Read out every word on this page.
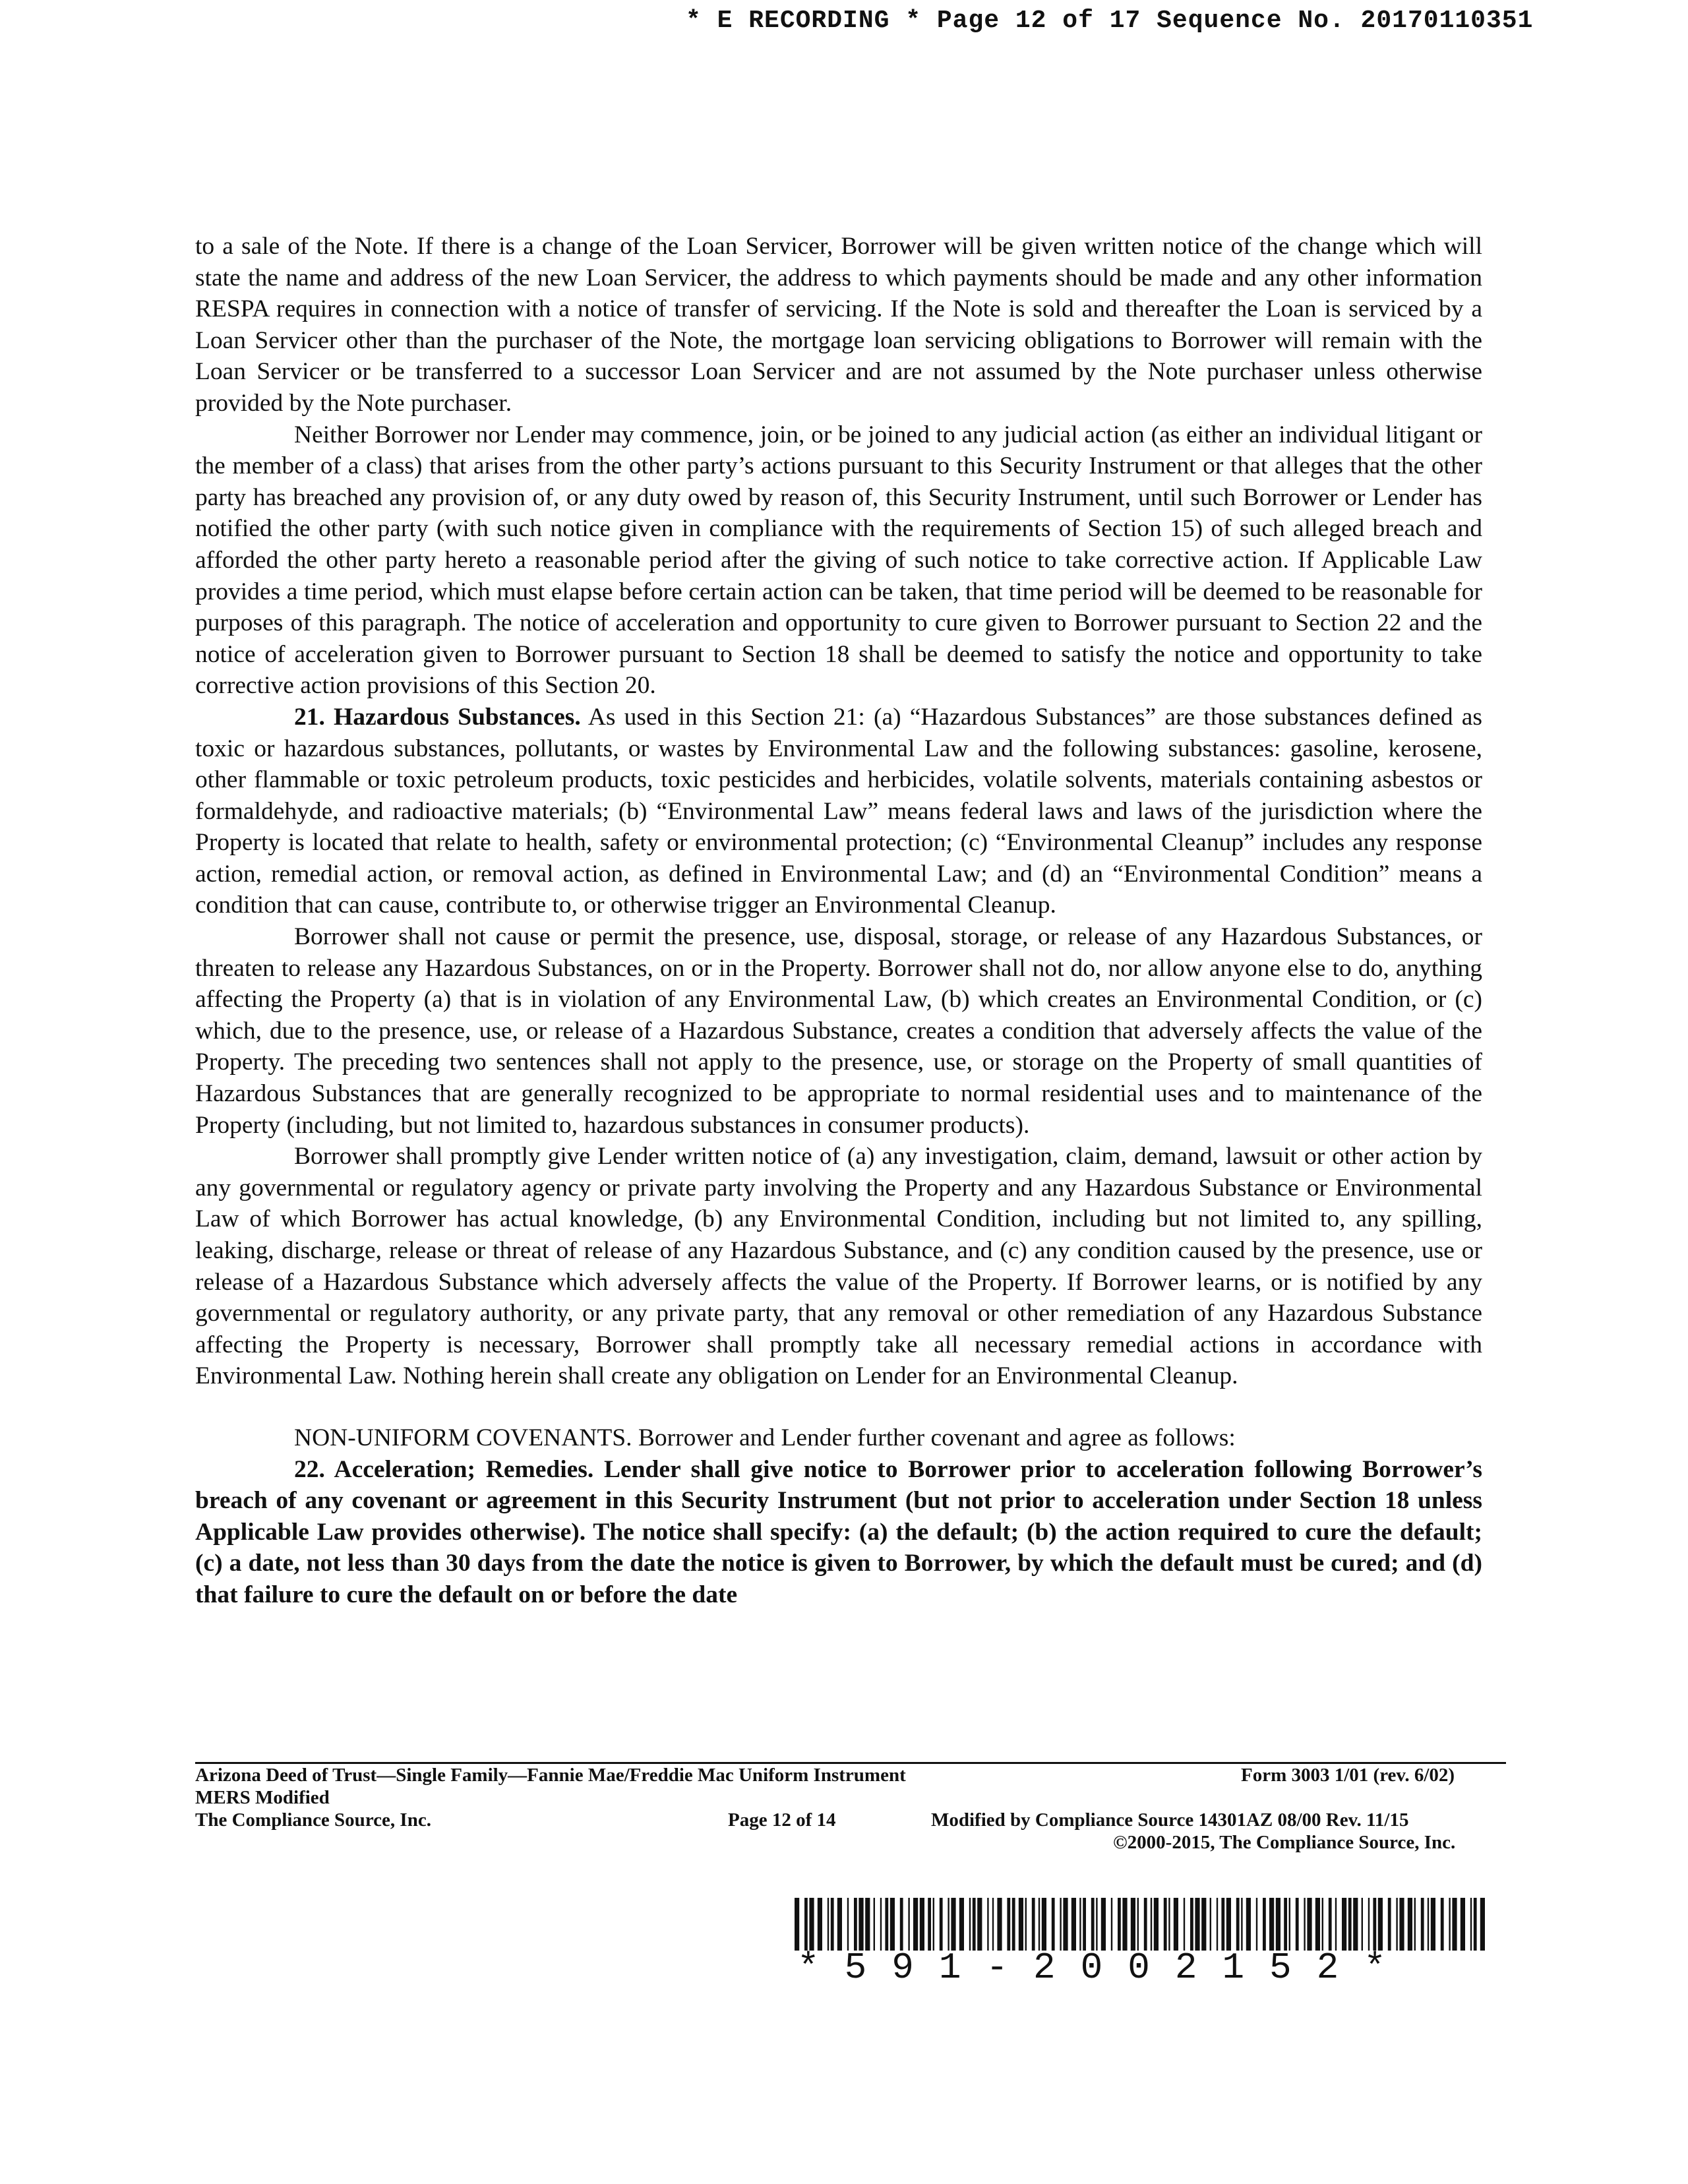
* E RECORDING * Page 12 of 17 Sequence No. 20170110351

to a sale of the Note. If there is a change of the Loan Servicer, Borrower will be given written notice of the change which will state the name and address of the new Loan Servicer, the address to which payments should be made and any other information RESPA requires in connection with a notice of transfer of servicing. If the Note is sold and thereafter the Loan is serviced by a Loan Servicer other than the purchaser of the Note, the mortgage loan servicing obligations to Borrower will remain with the Loan Servicer or be transferred to a successor Loan Servicer and are not assumed by the Note purchaser unless otherwise provided by the Note purchaser.

Neither Borrower nor Lender may commence, join, or be joined to any judicial action (as either an individual litigant or the member of a class) that arises from the other party’s actions pursuant to this Security Instrument or that alleges that the other party has breached any provision of, or any duty owed by reason of, this Security Instrument, until such Borrower or Lender has notified the other party (with such notice given in compliance with the requirements of Section 15) of such alleged breach and afforded the other party hereto a reasonable period after the giving of such notice to take corrective action. If Applicable Law provides a time period, which must elapse before certain action can be taken, that time period will be deemed to be reasonable for purposes of this paragraph. The notice of acceleration and opportunity to cure given to Borrower pursuant to Section 22 and the notice of acceleration given to Borrower pursuant to Section 18 shall be deemed to satisfy the notice and opportunity to take corrective action provisions of this Section 20.

21. Hazardous Substances. As used in this Section 21: (a) “Hazardous Substances” are those substances defined as toxic or hazardous substances, pollutants, or wastes by Environmental Law and the following substances: gasoline, kerosene, other flammable or toxic petroleum products, toxic pesticides and herbicides, volatile solvents, materials containing asbestos or formaldehyde, and radioactive materials; (b) “Environmental Law” means federal laws and laws of the jurisdiction where the Property is located that relate to health, safety or environmental protection; (c) “Environmental Cleanup” includes any response action, remedial action, or removal action, as defined in Environmental Law; and (d) an “Environmental Condition” means a condition that can cause, contribute to, or otherwise trigger an Environmental Cleanup.

Borrower shall not cause or permit the presence, use, disposal, storage, or release of any Hazardous Substances, or threaten to release any Hazardous Substances, on or in the Property. Borrower shall not do, nor allow anyone else to do, anything affecting the Property (a) that is in violation of any Environmental Law, (b) which creates an Environmental Condition, or (c) which, due to the presence, use, or release of a Hazardous Substance, creates a condition that adversely affects the value of the Property. The preceding two sentences shall not apply to the presence, use, or storage on the Property of small quantities of Hazardous Substances that are generally recognized to be appropriate to normal residential uses and to maintenance of the Property (including, but not limited to, hazardous substances in consumer products).

Borrower shall promptly give Lender written notice of (a) any investigation, claim, demand, lawsuit or other action by any governmental or regulatory agency or private party involving the Property and any Hazardous Substance or Environmental Law of which Borrower has actual knowledge, (b) any Environmental Condition, including but not limited to, any spilling, leaking, discharge, release or threat of release of any Hazardous Substance, and (c) any condition caused by the presence, use or release of a Hazardous Substance which adversely affects the value of the Property. If Borrower learns, or is notified by any governmental or regulatory authority, or any private party, that any removal or other remediation of any Hazardous Substance affecting the Property is necessary, Borrower shall promptly take all necessary remedial actions in accordance with Environmental Law. Nothing herein shall create any obligation on Lender for an Environmental Cleanup.

NON-UNIFORM COVENANTS. Borrower and Lender further covenant and agree as follows:

22. Acceleration; Remedies. Lender shall give notice to Borrower prior to acceleration following Borrower’s breach of any covenant or agreement in this Security Instrument (but not prior to acceleration under Section 18 unless Applicable Law provides otherwise). The notice shall specify: (a) the default; (b) the action required to cure the default; (c) a date, not less than 30 days from the date the notice is given to Borrower, by which the default must be cured; and (d) that failure to cure the default on or before the date

Arizona Deed of Trust—Single Family—Fannie Mae/Freddie Mac Uniform Instrument	Form 3003 1/01 (rev. 6/02)
MERS Modified
The Compliance Source, Inc.	Page 12 of 14	Modified by Compliance Source 14301AZ 08/00 Rev. 11/15
©2000-2015, The Compliance Source, Inc.
*591-2002152*
